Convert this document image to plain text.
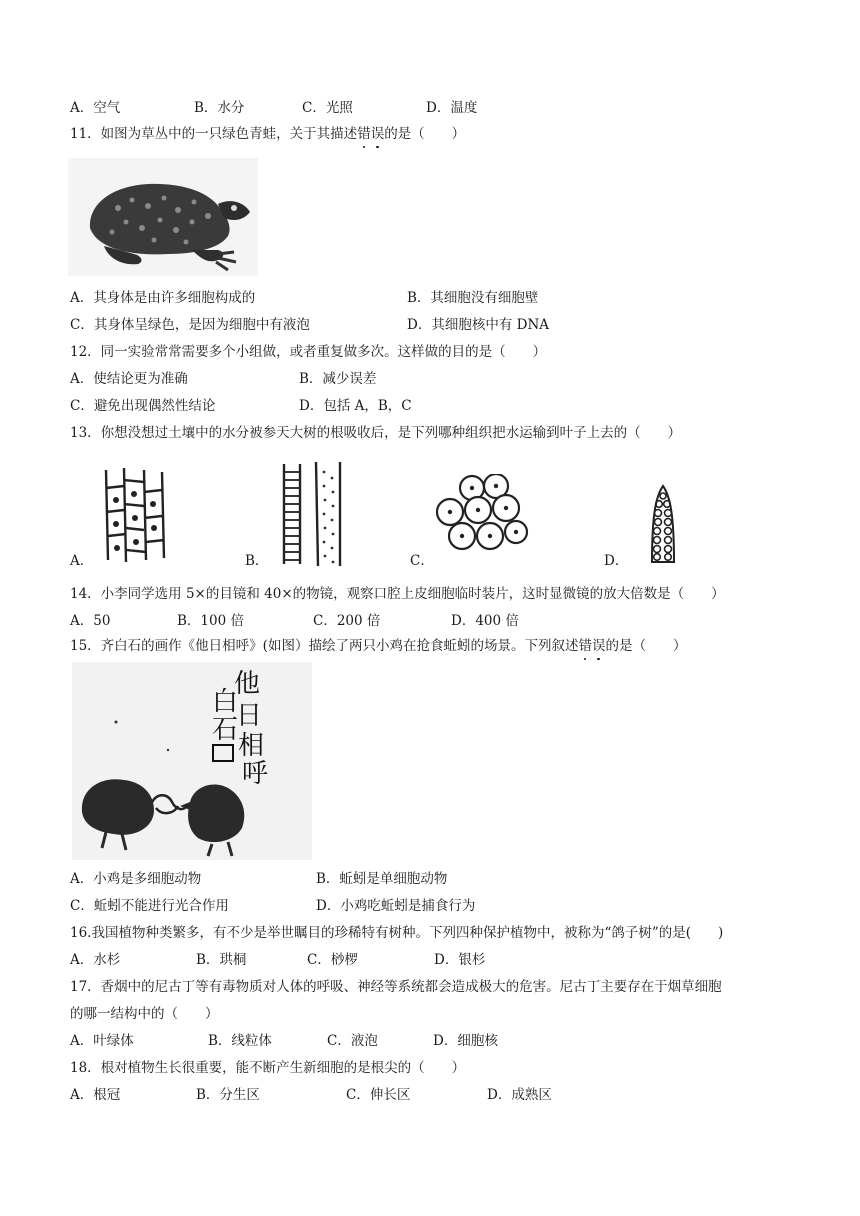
A．空气	B．水分	C．光照	D．温度
11．如图为草丛中的一只绿色青蛙，关于其描述错误的是（　　）
A．其身体是由许多细胞构成的	B．其细胞没有细胞壁
C．其身体呈绿色，是因为细胞中有液泡	D．其细胞核中有 DNA
12．同一实验常常需要多个小组做，或者重复做多次。这样做的目的是（　　）
A．使结论更为准确	B．减少误差
C．避免出现偶然性结论	D．包括 A，B，C
13．你想没想过土壤中的水分被参天大树的根吸收后，是下列哪种组织把水运输到叶子上去的（　　）
A．	B．	C．	D．
14．小李同学选用 5×的目镜和 40×的物镜，观察口腔上皮细胞临时装片，这时显微镜的放大倍数是（　　）
A．50	B．100 倍	C．200 倍	D．400 倍
15．齐白石的画作《他日相呼》(如图）描绘了两只小鸡在抢食蚯蚓的场景。下列叙述错误的是（　　）
他 日 相 呼 白 石
A．小鸡是多细胞动物	B．蚯蚓是单细胞动物
C．蚯蚓不能进行光合作用	D．小鸡吃蚯蚓是捕食行为
16.我国植物种类繁多，有不少是举世瞩目的珍稀特有树种。下列四种保护植物中，被称为“鸽子树”的是(　　)
A．水杉	B．珙桐	C．桫椤	D．银杉
17．香烟中的尼古丁等有毒物质对人体的呼吸、神经等系统都会造成极大的危害。尼古丁主要存在于烟草细胞
的哪一结构中的（　　）
A．叶绿体	B．线粒体	C．液泡	D．细胞核
18．根对植物生长很重要，能不断产生新细胞的是根尖的（　　）
A．根冠	B．分生区	C．伸长区	D．成熟区
